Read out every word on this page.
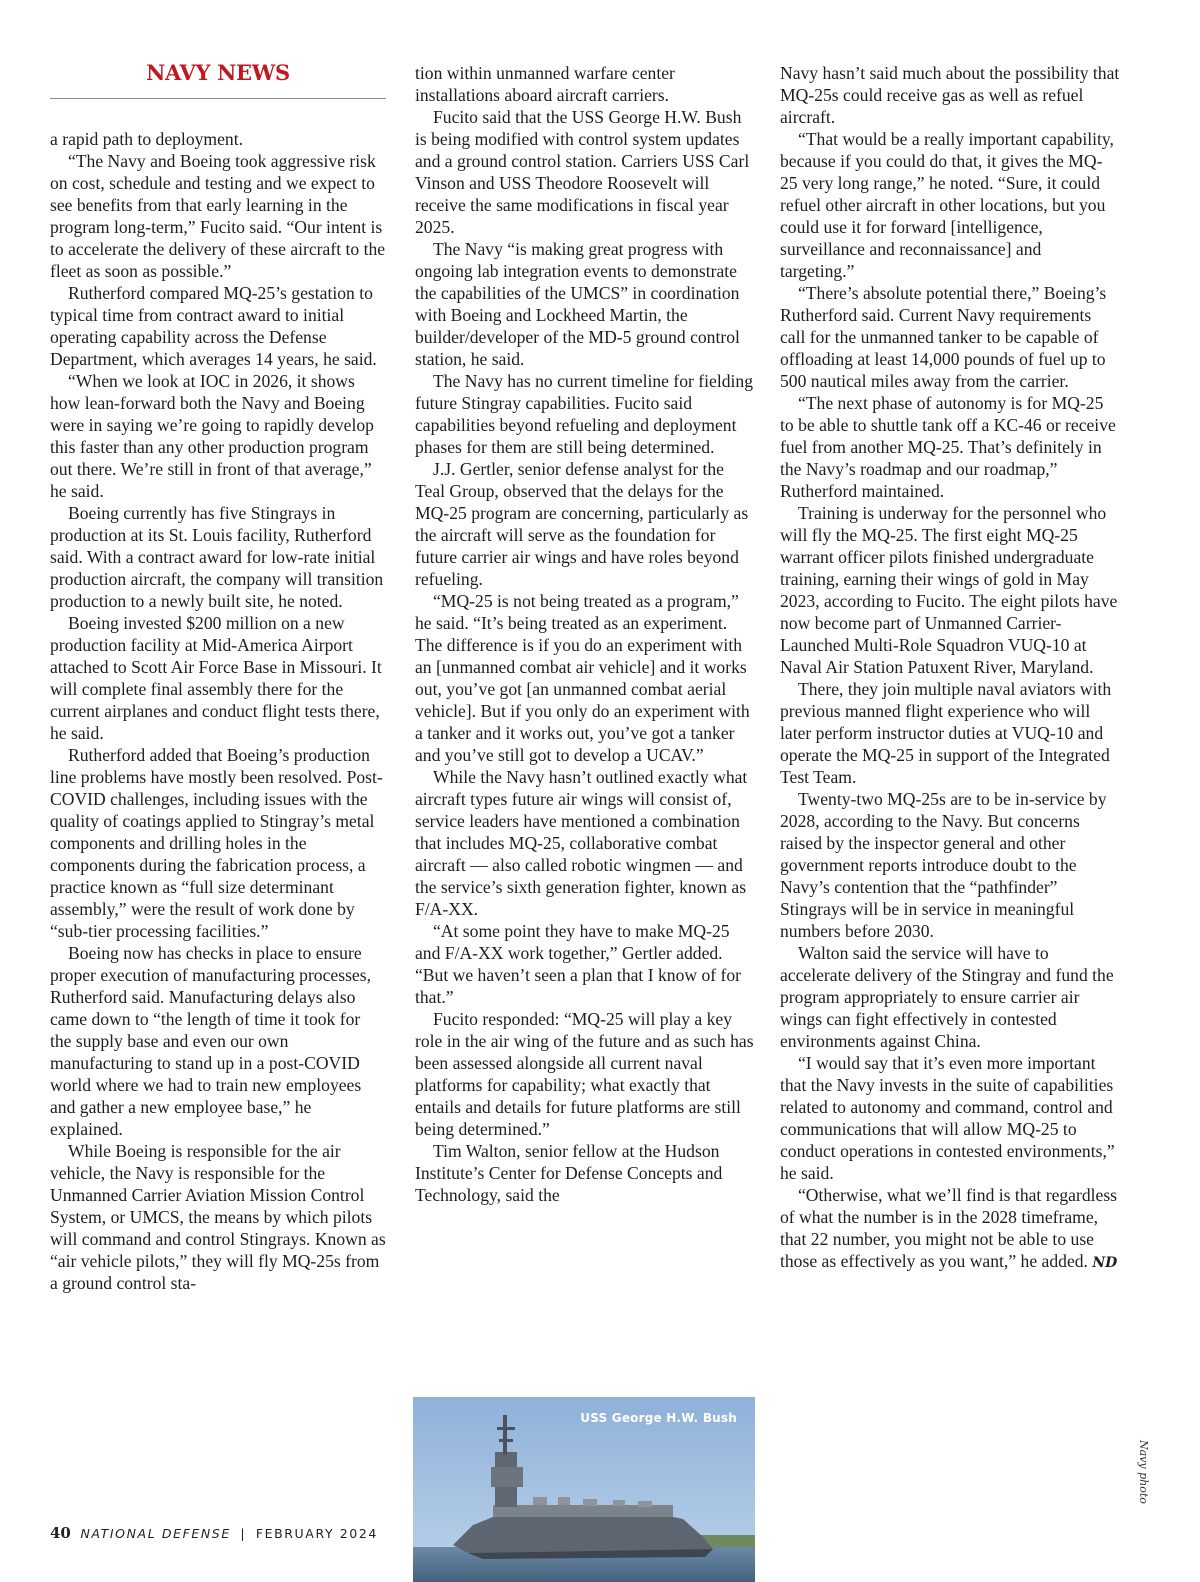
NAVY NEWS

a rapid path to deployment.

“The Navy and Boeing took aggressive risk on cost, schedule and testing and we expect to see benefits from that early learning in the program long-term,” Fucito said. “Our intent is to accelerate the delivery of these aircraft to the fleet as soon as possible.”

Rutherford compared MQ-25’s gestation to typical time from contract award to initial operating capability across the Defense Department, which averages 14 years, he said.

“When we look at IOC in 2026, it shows how lean-forward both the Navy and Boeing were in saying we’re going to rapidly develop this faster than any other production program out there. We’re still in front of that average,” he said.

Boeing currently has five Stingrays in production at its St. Louis facility, Rutherford said. With a contract award for low-rate initial production aircraft, the company will transition production to a newly built site, he noted.

Boeing invested $200 million on a new production facility at Mid-America Airport attached to Scott Air Force Base in Missouri. It will complete final assembly there for the current airplanes and conduct flight tests there, he said.

Rutherford added that Boeing’s production line problems have mostly been resolved. Post-COVID challenges, including issues with the quality of coatings applied to Stingray’s metal components and drilling holes in the components during the fabrication process, a practice known as “full size determinant assembly,” were the result of work done by “sub-tier processing facilities.”

Boeing now has checks in place to ensure proper execution of manufacturing processes, Rutherford said. Manufacturing delays also came down to “the length of time it took for the supply base and even our own manufacturing to stand up in a post-COVID world where we had to train new employees and gather a new employee base,” he explained.

While Boeing is responsible for the air vehicle, the Navy is responsible for the Unmanned Carrier Aviation Mission Control System, or UMCS, the means by which pilots will command and control Stingrays. Known as “air vehicle pilots,” they will fly MQ-25s from a ground control sta-

tion within unmanned warfare center installations aboard aircraft carriers.

Fucito said that the USS George H.W. Bush is being modified with control system updates and a ground control station. Carriers USS Carl Vinson and USS Theodore Roosevelt will receive the same modifications in fiscal year 2025.

The Navy “is making great progress with ongoing lab integration events to demonstrate the capabilities of the UMCS” in coordination with Boeing and Lockheed Martin, the builder/developer of the MD-5 ground control station, he said.

The Navy has no current timeline for fielding future Stingray capabilities. Fucito said capabilities beyond refueling and deployment phases for them are still being determined.

J.J. Gertler, senior defense analyst for the Teal Group, observed that the delays for the MQ-25 program are concerning, particularly as the aircraft will serve as the foundation for future carrier air wings and have roles beyond refueling.

“MQ-25 is not being treated as a program,” he said. “It’s being treated as an experiment. The difference is if you do an experiment with an [unmanned combat air vehicle] and it works out, you’ve got [an unmanned combat aerial vehicle]. But if you only do an experiment with a tanker and it works out, you’ve got a tanker and you’ve still got to develop a UCAV.”

While the Navy hasn’t outlined exactly what aircraft types future air wings will consist of, service leaders have mentioned a combination that includes MQ-25, collaborative combat aircraft — also called robotic wingmen — and the service’s sixth generation fighter, known as F/A-XX.

“At some point they have to make MQ-25 and F/A-XX work together,” Gertler added. “But we haven’t seen a plan that I know of for that.”

Fucito responded: “MQ-25 will play a key role in the air wing of the future and as such has been assessed alongside all current naval platforms for capability; what exactly that entails and details for future platforms are still being determined.”

Tim Walton, senior fellow at the Hudson Institute’s Center for Defense Concepts and Technology, said the

Navy hasn’t said much about the possibility that MQ-25s could receive gas as well as refuel aircraft.

“That would be a really important capability, because if you could do that, it gives the MQ-25 very long range,” he noted. “Sure, it could refuel other aircraft in other locations, but you could use it for forward [intelligence, surveillance and reconnaissance] and targeting.”

“There’s absolute potential there,” Boeing’s Rutherford said. Current Navy requirements call for the unmanned tanker to be capable of offloading at least 14,000 pounds of fuel up to 500 nautical miles away from the carrier.

“The next phase of autonomy is for MQ-25 to be able to shuttle tank off a KC-46 or receive fuel from another MQ-25. That’s definitely in the Navy’s roadmap and our roadmap,” Rutherford maintained.

Training is underway for the personnel who will fly the MQ-25. The first eight MQ-25 warrant officer pilots finished undergraduate training, earning their wings of gold in May 2023, according to Fucito. The eight pilots have now become part of Unmanned Carrier-Launched Multi-Role Squadron VUQ-10 at Naval Air Station Patuxent River, Maryland.

There, they join multiple naval aviators with previous manned flight experience who will later perform instructor duties at VUQ-10 and operate the MQ-25 in support of the Integrated Test Team.

Twenty-two MQ-25s are to be in-service by 2028, according to the Navy. But concerns raised by the inspector general and other government reports introduce doubt to the Navy’s contention that the “pathfinder” Stingrays will be in service in meaningful numbers before 2030.

Walton said the service will have to accelerate delivery of the Stingray and fund the program appropriately to ensure carrier air wings can fight effectively in contested environments against China.

“I would say that it’s even more important that the Navy invests in the suite of capabilities related to autonomy and command, control and communications that will allow MQ-25 to conduct operations in contested environments,” he said.

“Otherwise, what we’ll find is that regardless of what the number is in the 2028 timeframe, that 22 number, you might not be able to use those as effectively as you want,” he added. ND

USS George H.W. Bush
Navy photo
40 NATIONAL DEFENSE | FEBRUARY 2024
